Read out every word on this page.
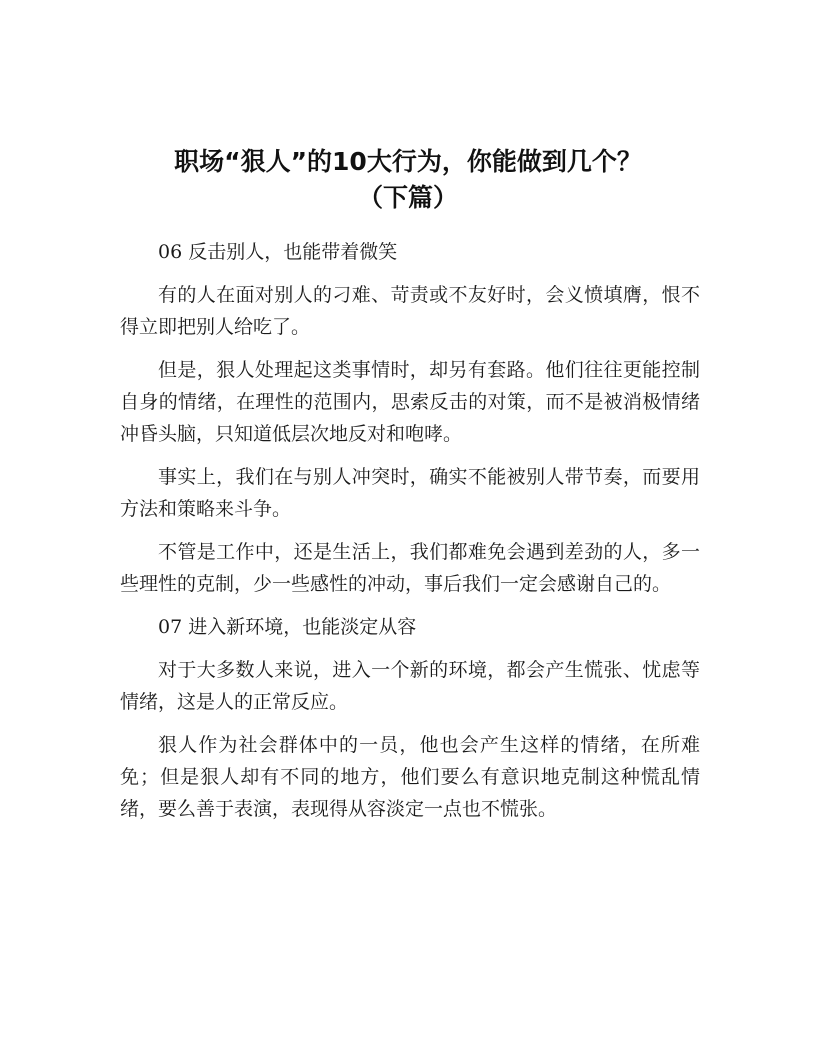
职场“狠人”的10大行为，你能做到几个？
（下篇）

06 反击别人，也能带着微笑

有的人在面对别人的刁难、苛责或不友好时，会义愤填膺，恨不得立即把别人给吃了。

但是，狠人处理起这类事情时，却另有套路。他们往往更能控制自身的情绪，在理性的范围内，思索反击的对策，而不是被消极情绪冲昏头脑，只知道低层次地反对和咆哮。

事实上，我们在与别人冲突时，确实不能被别人带节奏，而要用方法和策略来斗争。

不管是工作中，还是生活上，我们都难免会遇到差劲的人，多一些理性的克制，少一些感性的冲动，事后我们一定会感谢自己的。

07 进入新环境，也能淡定从容

对于大多数人来说，进入一个新的环境，都会产生慌张、忧虑等情绪，这是人的正常反应。

狠人作为社会群体中的一员，他也会产生这样的情绪，在所难免；但是狠人却有不同的地方，他们要么有意识地克制这种慌乱情绪，要么善于表演，表现得从容淡定一点也不慌张。
